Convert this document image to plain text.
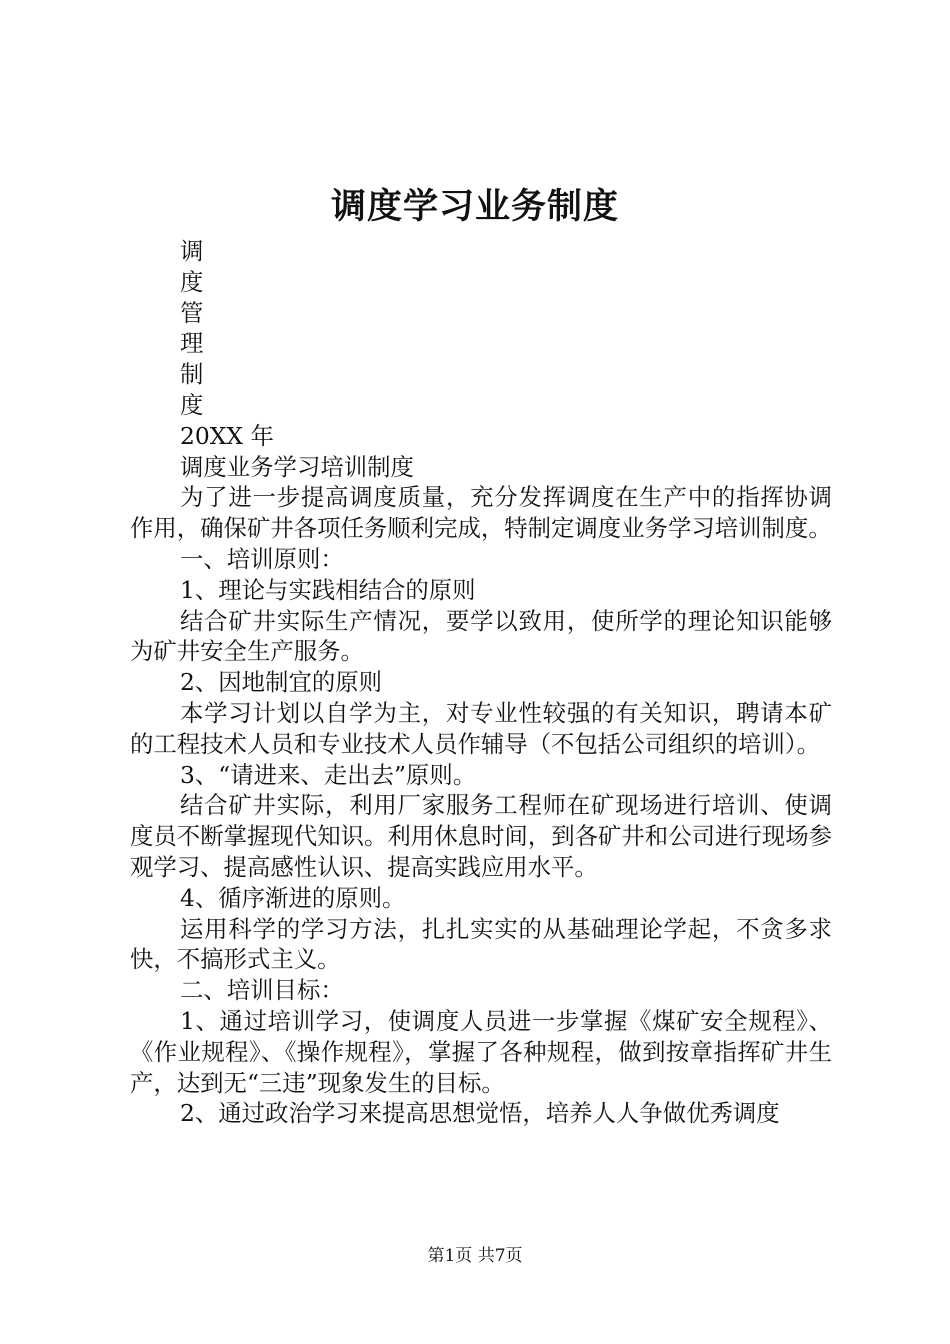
调度学习业务制度

调

度

管

理

制

度

20XX 年

调度业务学习培训制度

为了进一步提高调度质量，充分发挥调度在生产中的指挥协调作用，确保矿井各项任务顺利完成，特制定调度业务学习培训制度。

一、培训原则：

1、理论与实践相结合的原则

结合矿井实际生产情况，要学以致用，使所学的理论知识能够为矿井安全生产服务。

2、因地制宜的原则

本学习计划以自学为主，对专业性较强的有关知识，聘请本矿的工程技术人员和专业技术人员作辅导（不包括公司组织的培训）。

3、“请进来、走出去”原则。

结合矿井实际，利用厂家服务工程师在矿现场进行培训、使调度员不断掌握现代知识。利用休息时间，到各矿井和公司进行现场参观学习、提高感性认识、提高实践应用水平。

4、循序渐进的原则。

运用科学的学习方法，扎扎实实的从基础理论学起，不贪多求快，不搞形式主义。

二、培训目标：

1、通过培训学习，使调度人员进一步掌握《煤矿安全规程》、《作业规程》、《操作规程》，掌握了各种规程，做到按章指挥矿井生产，达到无“三违”现象发生的目标。

2、通过政治学习来提高思想觉悟，培养人人争做优秀调度

第1页 共7页
